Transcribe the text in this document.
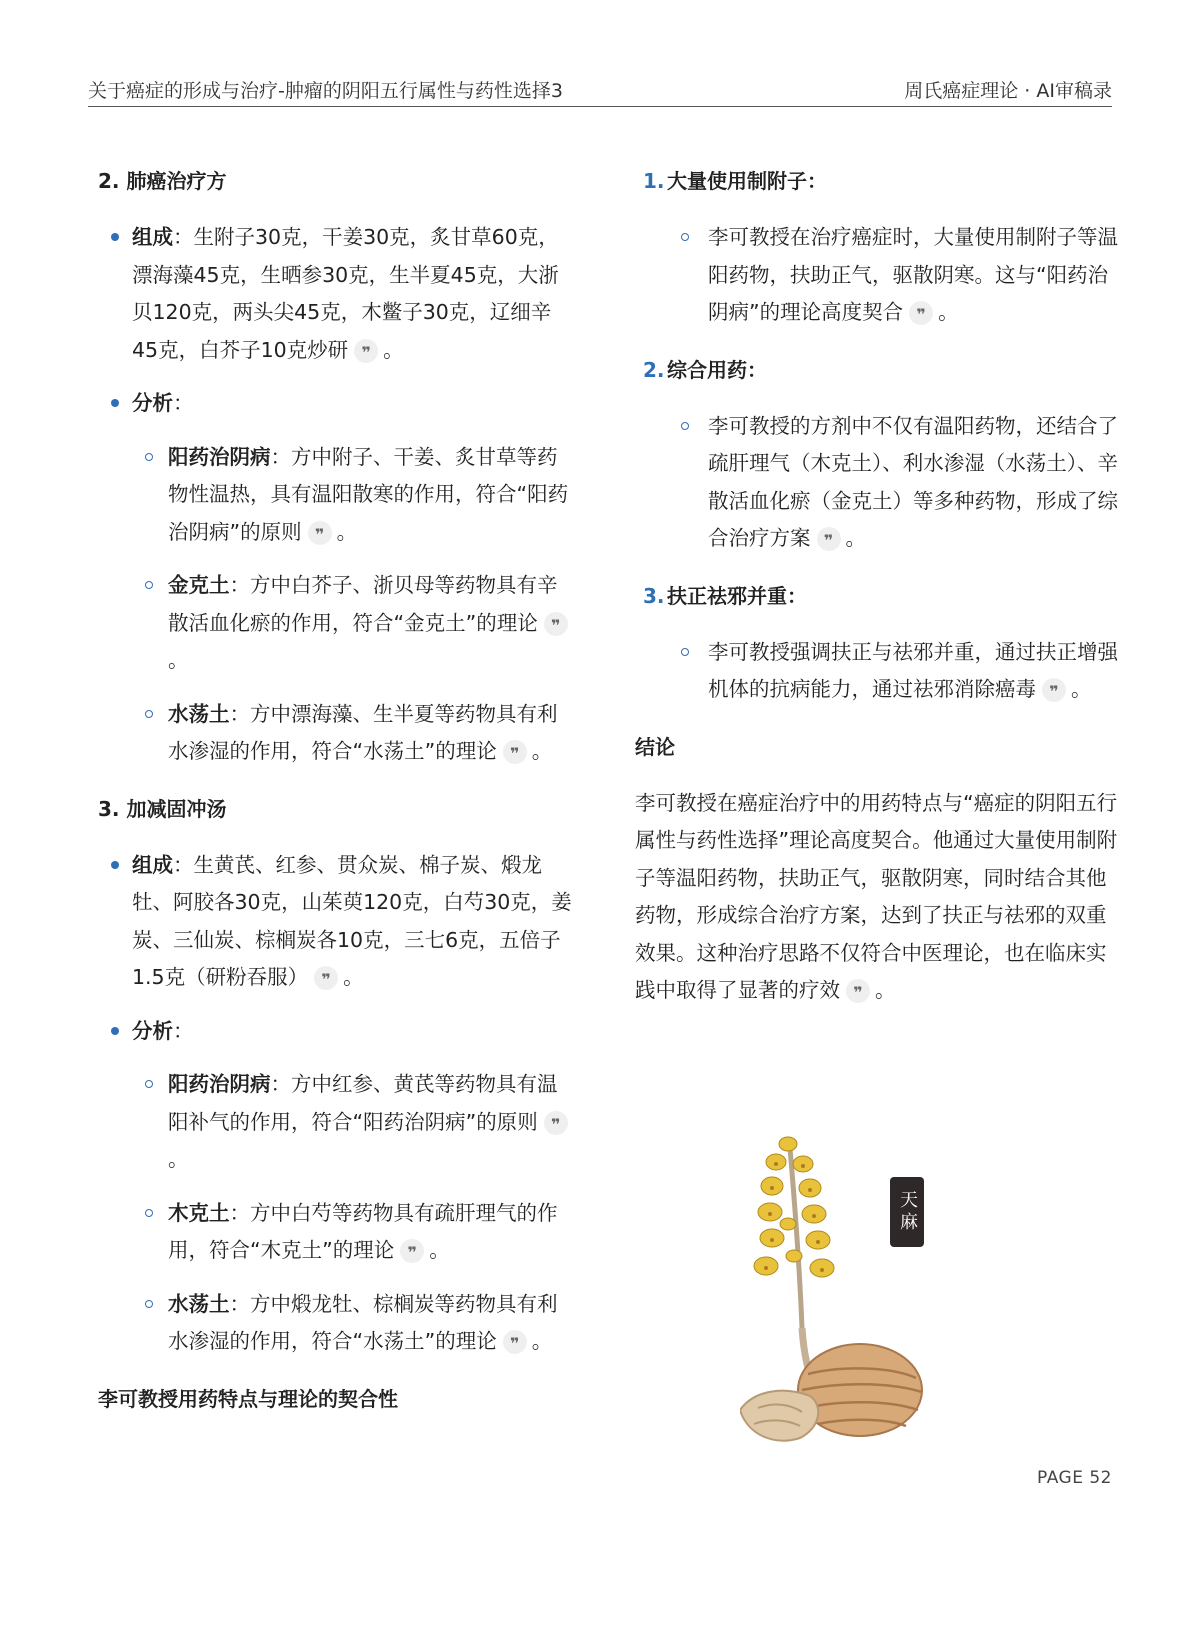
关于癌症的形成与治疗-肿瘤的阴阳五行属性与药性选择3	周氏癌症理论 · AI审稿录

2. 肺癌治疗方

组成：生附子30克，干姜30克，炙甘草60克，漂海藻45克，生晒参30克，生半夏45克，大浙贝120克，两头尖45克，木鳖子30克，辽细辛45克，白芥子10克炒研 ❞ 。
分析：
阳药治阴病：方中附子、干姜、炙甘草等药物性温热，具有温阳散寒的作用，符合“阳药治阴病”的原则 ❞ 。
金克土：方中白芥子、浙贝母等药物具有辛散活血化瘀的作用，符合“金克土”的理论 ❞。
水荡土：方中漂海藻、生半夏等药物具有利水渗湿的作用，符合“水荡土”的理论 ❞ 。

3. 加减固冲汤

组成：生黄芪、红参、贯众炭、棉子炭、煅龙牡、阿胶各30克，山茱萸120克，白芍30克，姜炭、三仙炭、棕榈炭各10克，三七6克，五倍子1.5克（研粉吞服） ❞ 。
分析：
阳药治阴病：方中红参、黄芪等药物具有温阳补气的作用，符合“阳药治阴病”的原则 ❞。
木克土：方中白芍等药物具有疏肝理气的作用，符合“木克土”的理论 ❞ 。
水荡土：方中煅龙牡、棕榈炭等药物具有利水渗湿的作用，符合“水荡土”的理论 ❞ 。

李可教授用药特点与理论的契合性

1. 大量使用制附子：

李可教授在治疗癌症时，大量使用制附子等温阳药物，扶助正气，驱散阴寒。这与“阳药治阴病”的理论高度契合 ❞ 。
2. 综合用药：

李可教授的方剂中不仅有温阳药物，还结合了疏肝理气（木克土）、利水渗湿（水荡土）、辛散活血化瘀（金克土）等多种药物，形成了综合治疗方案 ❞ 。
3. 扶正祛邪并重：

李可教授强调扶正与祛邪并重，通过扶正增强机体的抗病能力，通过祛邪消除癌毒 ❞ 。

结论

李可教授在癌症治疗中的用药特点与“癌症的阴阳五行属性与药性选择”理论高度契合。他通过大量使用制附子等温阳药物，扶助正气，驱散阴寒，同时结合其他药物，形成综合治疗方案，达到了扶正与祛邪的双重效果。这种治疗思路不仅符合中医理论，也在临床实践中取得了显著的疗效 ❞ 。

天麻
PAGE 52
